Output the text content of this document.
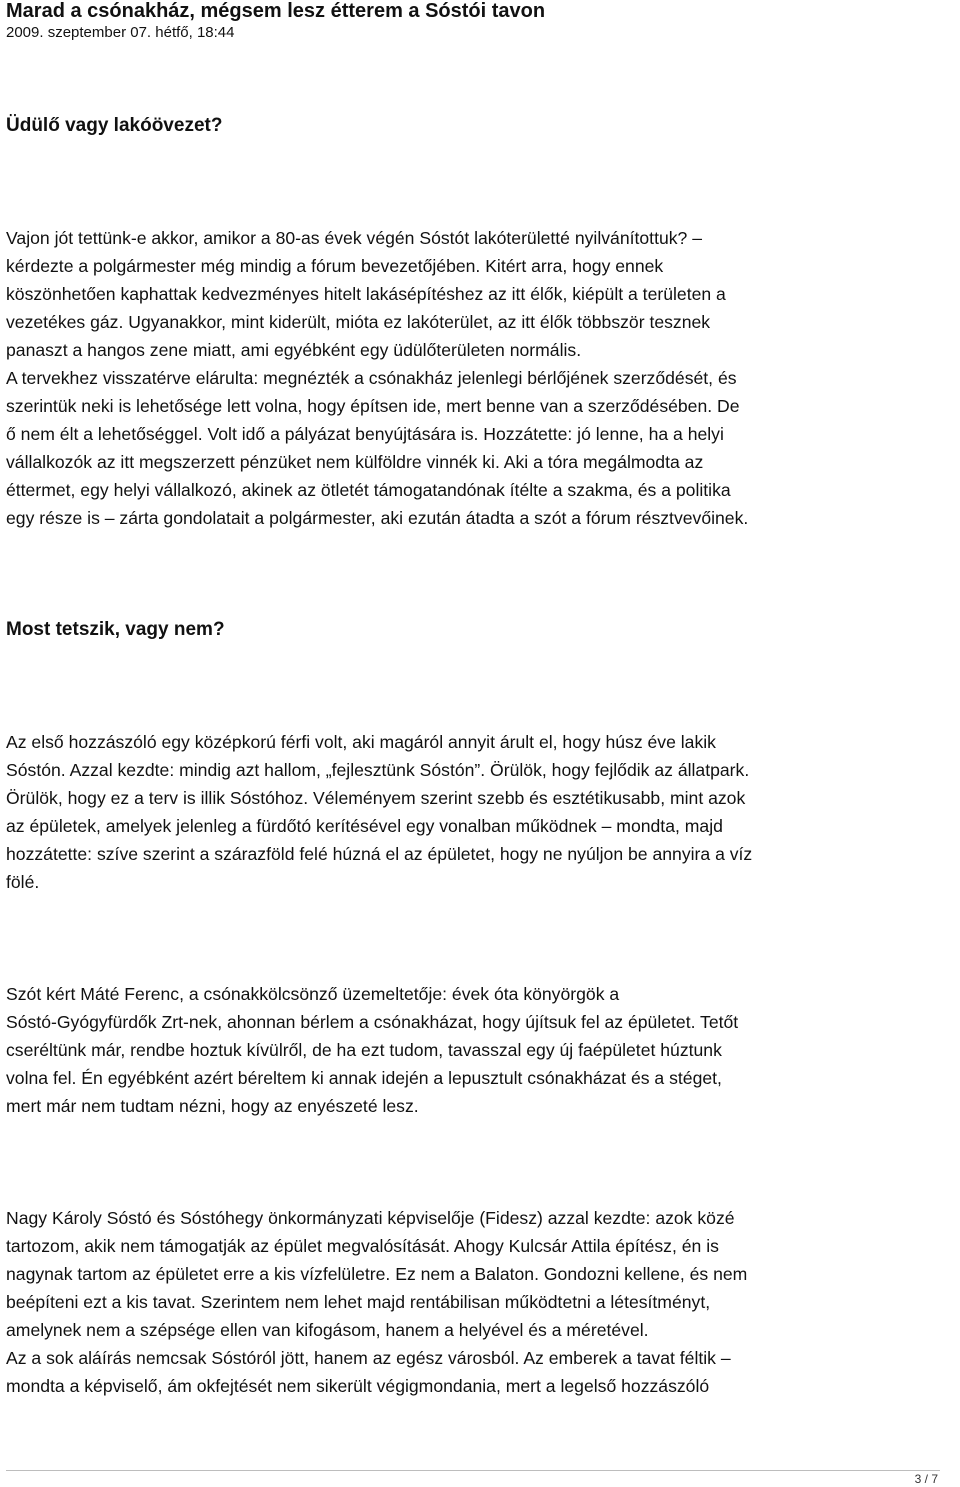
Marad a csónakház, mégsem lesz étterem a Sóstói tavon
2009. szeptember 07. hétfő, 18:44
Üdülő vagy lakóövezet?

Vajon jót tettünk-e akkor, amikor a 80-as évek végén Sóstót lakóterületté nyilvánítottuk? –
kérdezte a polgármester még mindig a fórum bevezetőjében. Kitért arra, hogy ennek
köszönhetően kaphattak kedvezményes hitelt lakásépítéshez az itt élők, kiépült a területen a
vezetékes gáz. Ugyanakkor, mint kiderült, mióta ez lakóterület, az itt élők többször tesznek
panaszt a hangos zene miatt, ami egyébként egy üdülőterületen normális.
A tervekhez visszatérve elárulta: megnézték a csónakház jelenlegi bérlőjének szerződését, és
szerintük neki is lehetősége lett volna, hogy építsen ide, mert benne van a szerződésében. De
ő nem élt a lehetőséggel. Volt idő a pályázat benyújtására is. Hozzátette: jó lenne, ha a helyi
vállalkozók az itt megszerzett pénzüket nem külföldre vinnék ki. Aki a tóra megálmodta az
éttermet, egy helyi vállalkozó, akinek az ötletét támogatandónak ítélte a szakma, és a politika
egy része is – zárta gondolatait a polgármester, aki ezután átadta a szót a fórum résztvevőinek.

Most tetszik, vagy nem?

Az első hozzászóló egy középkorú férfi volt, aki magáról annyit árult el, hogy húsz éve lakik
Sóstón. Azzal kezdte: mindig azt hallom, „fejlesztünk Sóstón”. Örülök, hogy fejlődik az állatpark.
Örülök, hogy ez a terv is illik Sóstóhoz. Véleményem szerint szebb és esztétikusabb, mint azok
az épületek, amelyek jelenleg a fürdőtó kerítésével egy vonalban működnek – mondta, majd
hozzátette: szíve szerint a szárazföld felé húzná el az épületet, hogy ne nyúljon be annyira a víz
fölé.

Szót kért Máté Ferenc, a csónakkölcsönző üzemeltetője: évek óta könyörgök a
Sóstó-Gyógyfürdők Zrt-nek, ahonnan bérlem a csónakházat, hogy újítsuk fel az épületet. Tetőt
cseréltünk már, rendbe hoztuk kívülről, de ha ezt tudom, tavasszal egy új faépületet húztunk
volna fel. Én egyébként azért béreltem ki annak idején a lepusztult csónakházat és a stéget,
mert már nem tudtam nézni, hogy az enyészeté lesz.

Nagy Károly Sóstó és Sóstóhegy önkormányzati képviselője (Fidesz) azzal kezdte: azok közé
tartozom, akik nem támogatják az épület megvalósítását. Ahogy Kulcsár Attila építész, én is
nagynak tartom az épületet erre a kis vízfelületre. Ez nem a Balaton. Gondozni kellene, és nem
beépíteni ezt a kis tavat. Szerintem nem lehet majd rentábilisan működtetni a létesítményt,
amelynek nem a szépsége ellen van kifogásom, hanem a helyével és a méretével.
Az a sok aláírás nemcsak Sóstóról jött, hanem az egész városból. Az emberek a tavat féltik –
mondta a képviselő, ám okfejtését nem sikerült végigmondania, mert a legelső hozzászóló

3 / 7
